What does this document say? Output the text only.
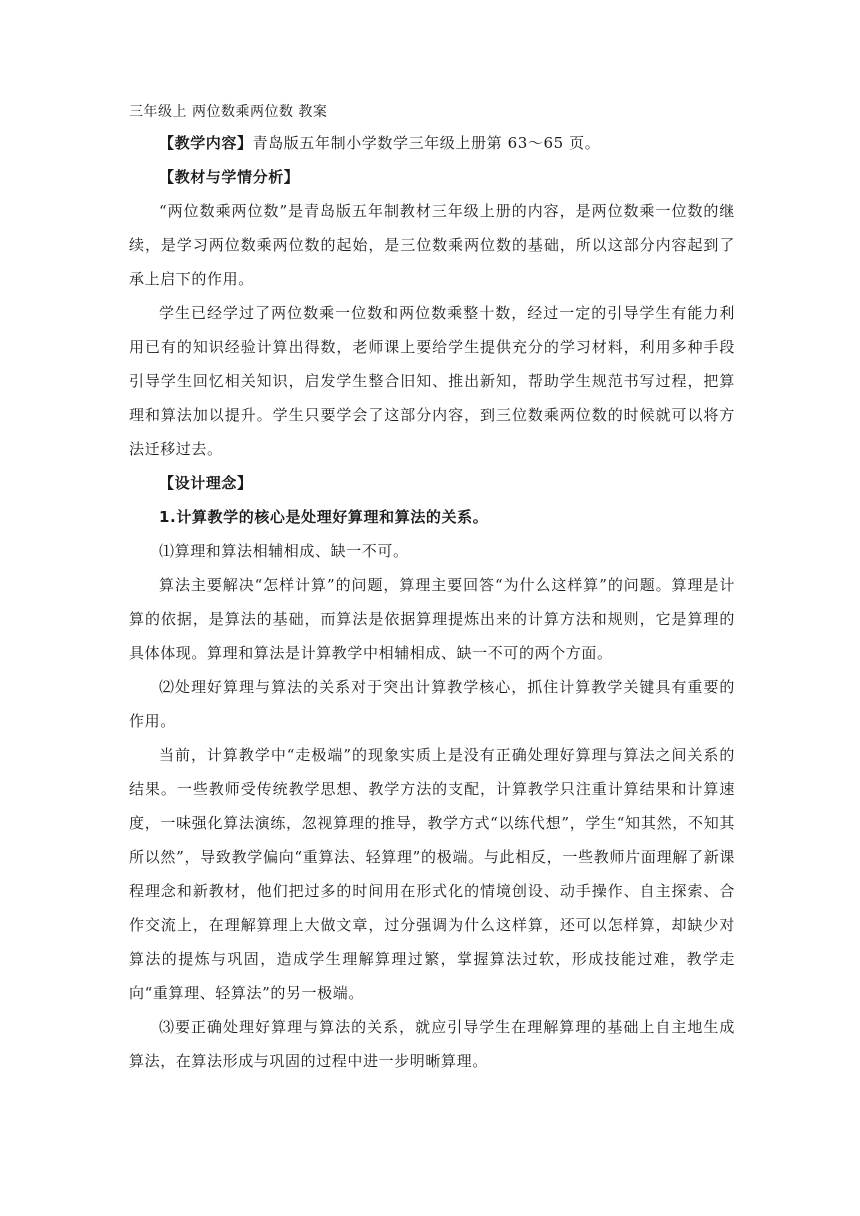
三年级上 两位数乘两位数 教案

【教学内容】青岛版五年制小学数学三年级上册第 63～65 页。

【教材与学情分析】

“两位数乘两位数”是青岛版五年制教材三年级上册的内容，是两位数乘一位数的继续，是学习两位数乘两位数的起始，是三位数乘两位数的基础，所以这部分内容起到了承上启下的作用。

学生已经学过了两位数乘一位数和两位数乘整十数，经过一定的引导学生有能力利用已有的知识经验计算出得数，老师课上要给学生提供充分的学习材料，利用多种手段引导学生回忆相关知识，启发学生整合旧知、推出新知，帮助学生规范书写过程，把算理和算法加以提升。学生只要学会了这部分内容，到三位数乘两位数的时候就可以将方法迁移过去。

【设计理念】

1.计算教学的核心是处理好算理和算法的关系。

⑴算理和算法相辅相成、缺一不可。

算法主要解决“怎样计算”的问题，算理主要回答“为什么这样算”的问题。算理是计算的依据，是算法的基础，而算法是依据算理提炼出来的计算方法和规则，它是算理的具体体现。算理和算法是计算教学中相辅相成、缺一不可的两个方面。

⑵处理好算理与算法的关系对于突出计算教学核心，抓住计算教学关键具有重要的作用。

当前，计算教学中“走极端”的现象实质上是没有正确处理好算理与算法之间关系的结果。一些教师受传统教学思想、教学方法的支配，计算教学只注重计算结果和计算速度，一味强化算法演练，忽视算理的推导，教学方式“以练代想”，学生“知其然，不知其所以然”，导致教学偏向“重算法、轻算理”的极端。与此相反，一些教师片面理解了新课程理念和新教材，他们把过多的时间用在形式化的情境创设、动手操作、自主探索、合作交流上，在理解算理上大做文章，过分强调为什么这样算，还可以怎样算，却缺少对算法的提炼与巩固，造成学生理解算理过繁，掌握算法过软，形成技能过难，教学走向“重算理、轻算法”的另一极端。

⑶要正确处理好算理与算法的关系，就应引导学生在理解算理的基础上自主地生成算法，在算法形成与巩固的过程中进一步明晰算理。
